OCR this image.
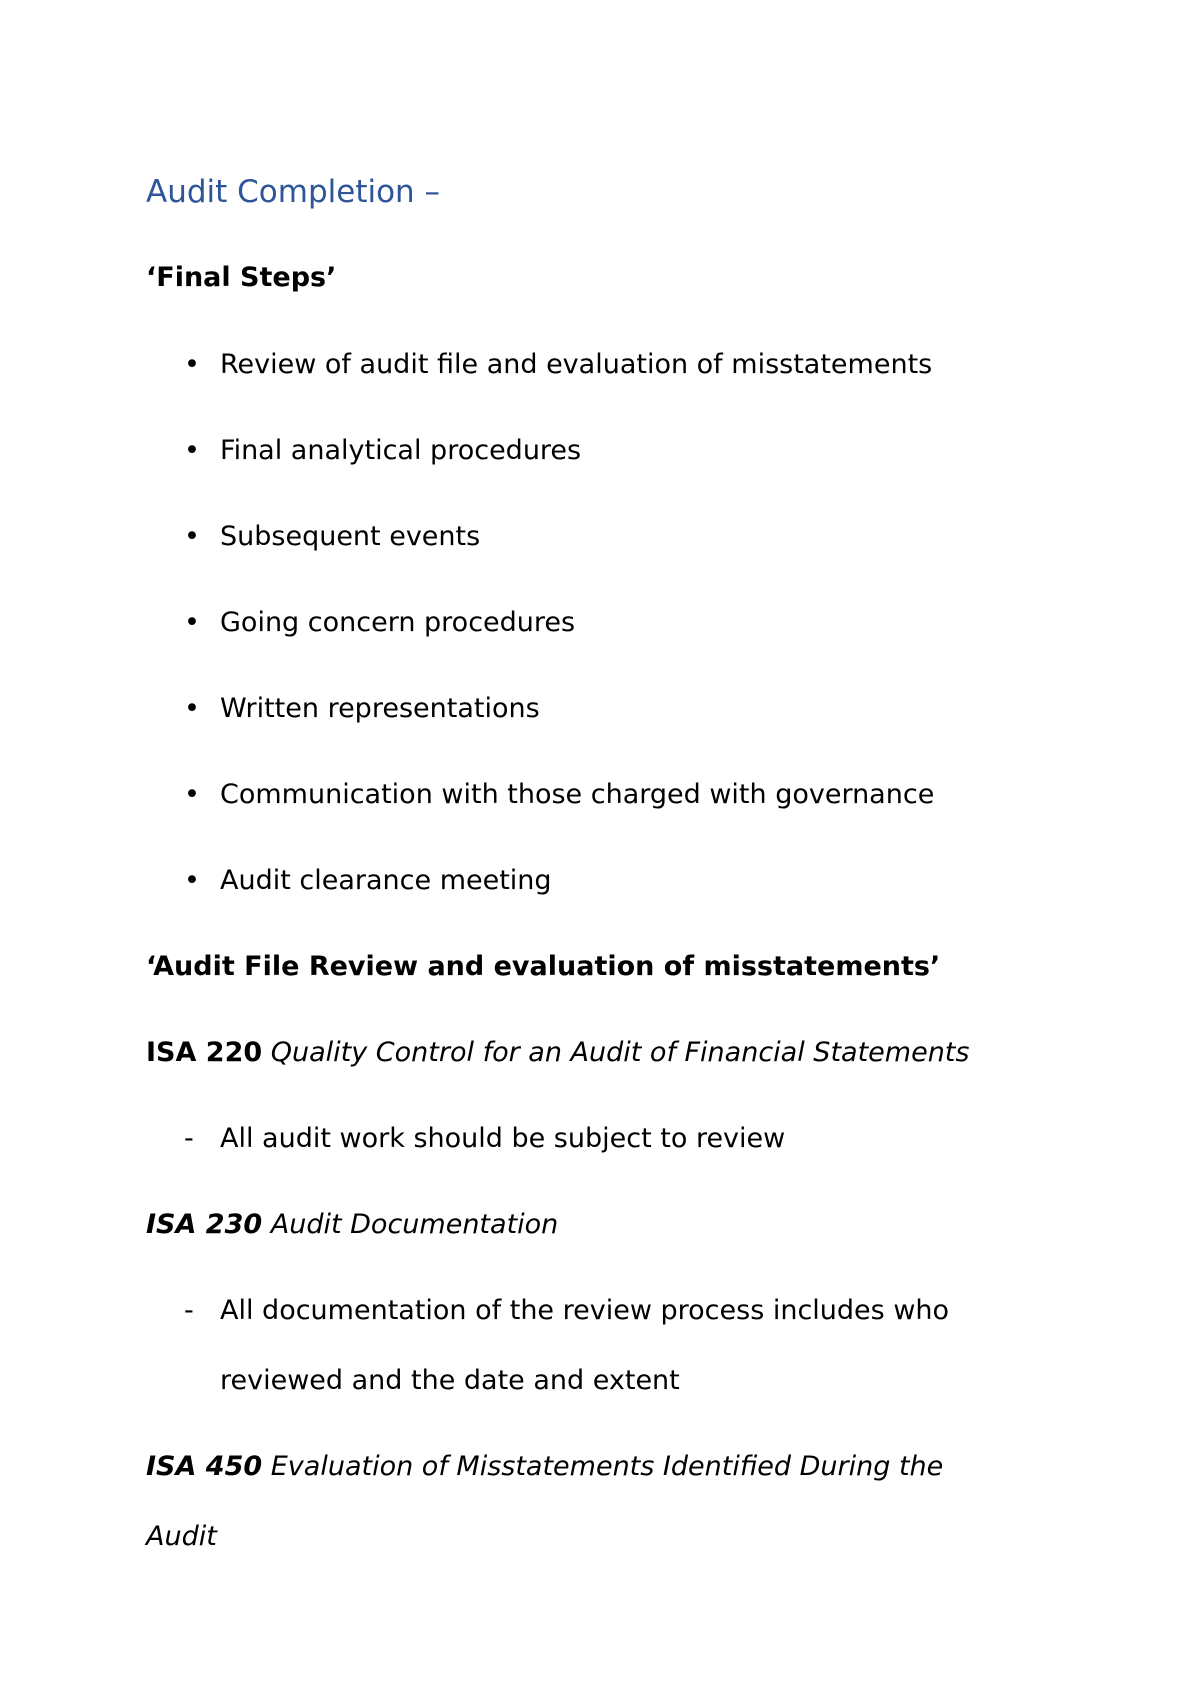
Audit Completion –
‘Final Steps’
• Review of audit file and evaluation of misstatements
• Final analytical procedures
• Subsequent events
• Going concern procedures
• Written representations
• Communication with those charged with governance
• Audit clearance meeting
‘Audit File Review and evaluation of misstatements’
ISA 220 Quality Control for an Audit of Financial Statements
- All audit work should be subject to review
ISA 230 Audit Documentation
- All documentation of the review process includes who
reviewed and the date and extent
ISA 450 Evaluation of Misstatements Identified During the
Audit
